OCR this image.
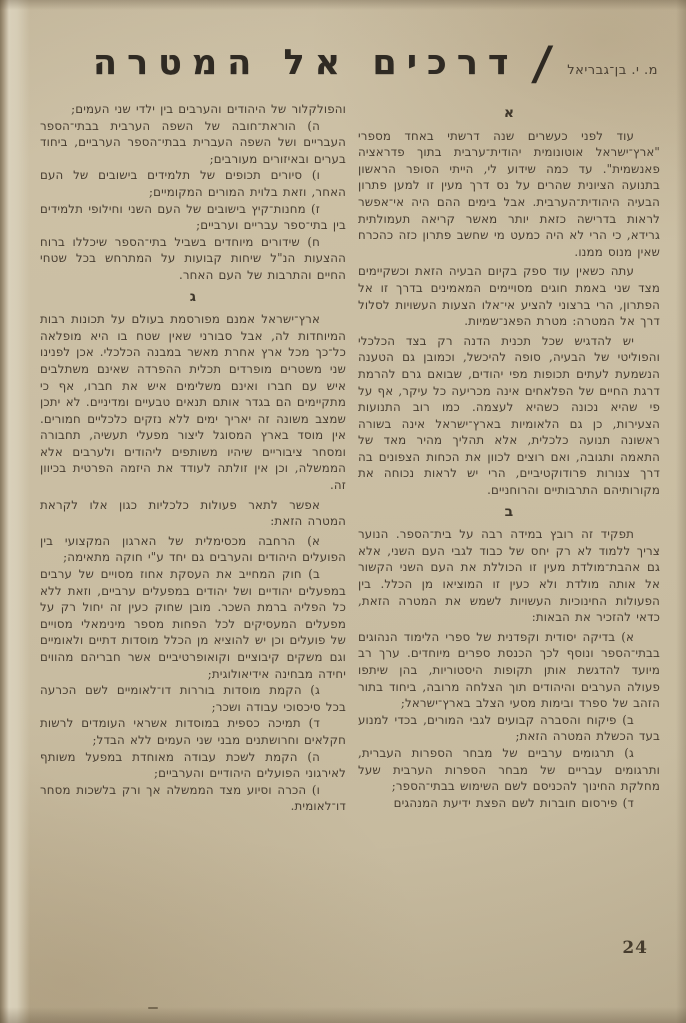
מ. י. בן־גבריאל
/
דרכים אל המטרה
א

עוד לפני כעשרים שנה דרשתי באחד מספרי "ארץ־ישראל אוטונומית יהודית־ערבית בתוך פדראציה פאנשמית". עד כמה שידוע לי, הייתי הסופר הראשון בתנועה הציונית שהרים על נס דרך מעין זו למען פתרון הבעיה היהודית־הערבית. אבל בימים ההם היה אי־אפשר לראות בדרישה כזאת יותר מאשר קריאה תעמולתית גרידא, כי הרי לא היה כמעט מי שחשב פתרון כזה כהכרח שאין מנוס ממנו.

עתה כשאין עוד ספק בקיום הבעיה הזאת וכשקיימים מצד שני באמת חוגים מסויימים המאמינים בדרך זו אל הפתרון, הרי ברצוני להציע אי־אלו הצעות העשויות לסלול דרך אל המטרה: מטרת הפאנ־שמיות.

יש להדגיש שכל תכנית הדנה רק בצד הכלכלי והפוליטי של הבעיה, סופה להיכשל, וכמובן גם הטענה הנשמעת לעתים תכופות מפי יהודים, שבואם גרם להרמת דרגת החיים של הפלאחים אינה מכריעה כל עיקר, אף על פי שהיא נכונה כשהיא לעצמה. כמו רוב התנועות הצעירות, כן גם הלאומיות בארץ־ישראל אינה בשורה ראשונה תנועה כלכלית, אלא תהליך מהיר מאד של התאמה ותגובה, ואם רוצים לכוון את הכחות הצפונים בה דרך צנורות פרודוקטיביים, הרי יש לראות נכוחה את מקורותיהם התרבותיים והרוחניים.

ב

תפקיד זה רובץ במידה רבה על בית־הספר. הנוער צריך ללמוד לא רק יחס של כבוד לגבי העם השני, אלא גם אהבת־מולדת מעין זו הכוללת את העם השני הקשור אל אותה מולדת ולא כעין זו המוציאו מן הכלל. בין הפעולות החינוכיות העשויות לשמש את המטרה הזאת, כדאי להזכיר את הבאות:

א) בדיקה יסודית וקפדנית של ספרי הלימוד הנהוגים בבתי־הספר ונוסף לכך הכנסת ספרים מיוחדים. ערך רב מיועד להדגשת אותן תקופות היסטוריות, בהן שיתפו פעולה הערבים והיהודים תוך הצלחה מרובה, ביחוד בתור הזהב של ספרד ובימות מסעי הצלב בארץ־ישראל;

ב) פיקוח והסברה קבועים לגבי המורים, בכדי למנוע בעד הכשלת המטרה הזאת;

ג) תרגומים ערביים של מבחר הספרות העברית, ותרגומים עבריים של מבחר הספרות הערבית שעל מחלקת החינוך להכניסם לשם השימוש בבתי־הספר;

ד) פירסום חוברות לשם הפצת ידיעת המנהגים

והפולקלור של היהודים והערבים בין ילדי שני העמים;

ה) הוראת־חובה של השפה הערבית בבתי־הספר העבריים ושל השפה העברית בבתי־הספר הערביים, ביחוד בערים ובאיזורים מעורבים;

ו) סיורים תכופים של תלמידים בישובים של העם האחר, וזאת בלוית המורים המקומיים;

ז) מחנות־קיץ בישובים של העם השני וחילופי תלמידים בין בתי־ספר עבריים וערביים;

ח) שידורים מיוחדים בשביל בתי־הספר שיכללו ברוח ההצעות הנ"ל שיחות קבועות על המתרחש בכל שטחי החיים והתרבות של העם האחר.

ג

ארץ־ישראל אמנם מפורסמת בעולם על תכונות רבות המיוחדות לה, אבל סבורני שאין שטח בו היא מופלאה כל־כך מכל ארץ אחרת מאשר במבנה הכלכלי. אכן לפנינו שני משטרים מופרדים תכלית ההפרדה שאינם משתלבים איש עם חברו ואינם משלימים איש את חברו, אף כי מתקיימים הם בגדר אותם תנאים טבעיים ומדיניים. לא יתכן שמצב משונה זה יאריך ימים ללא נזקים כלכליים חמורים. אין מוסד בארץ המסוגל ליצור מפעלי תעשיה, תחבורה ומסחר ציבוריים שיהיו משותפים ליהודים ולערבים אלא הממשלה, וכן אין זולתה לעודד את היזמה הפרטית בכיוון זה.

אפשר לתאר פעולות כלכליות כגון אלו לקראת המטרה הזאת:

א) הרחבה מכסימלית של הארגון המקצועי בין הפועלים היהודים והערבים גם יחד ע"י חוקה מתאימה;

ב) חוק המחייב את העסקת אחוז מסויים של ערבים במפעלים יהודיים ושל יהודים במפעלים ערביים, וזאת ללא כל הפליה ברמת השכר. מובן שחוק כעין זה יחול רק על מפעלים המעסיקים לכל הפחות מספר מינימאלי מסויים של פועלים וכן יש להוציא מן הכלל מוסדות דתיים ולאומיים וגם משקים קיבוציים וקואופרטיביים אשר חבריהם מהווים יחידה מבחינה אידיאולוגית;

ג) הקמת מוסדות בוררות דו־לאומיים לשם הכרעה בכל סיכסוכי עבודה ושכר;

ד) תמיכה כספית במוסדות אשראי העומדים לרשות חקלאים וחרושתנים מבני שני העמים ללא הבדל;

ה) הקמת לשכת עבודה מאוחדת במפעל משותף לאירגוני הפועלים היהודיים והערביים;

ו) הכרה וסיוע מצד הממשלה אך ורק בלשכות מסחר דו־לאומית.

24
